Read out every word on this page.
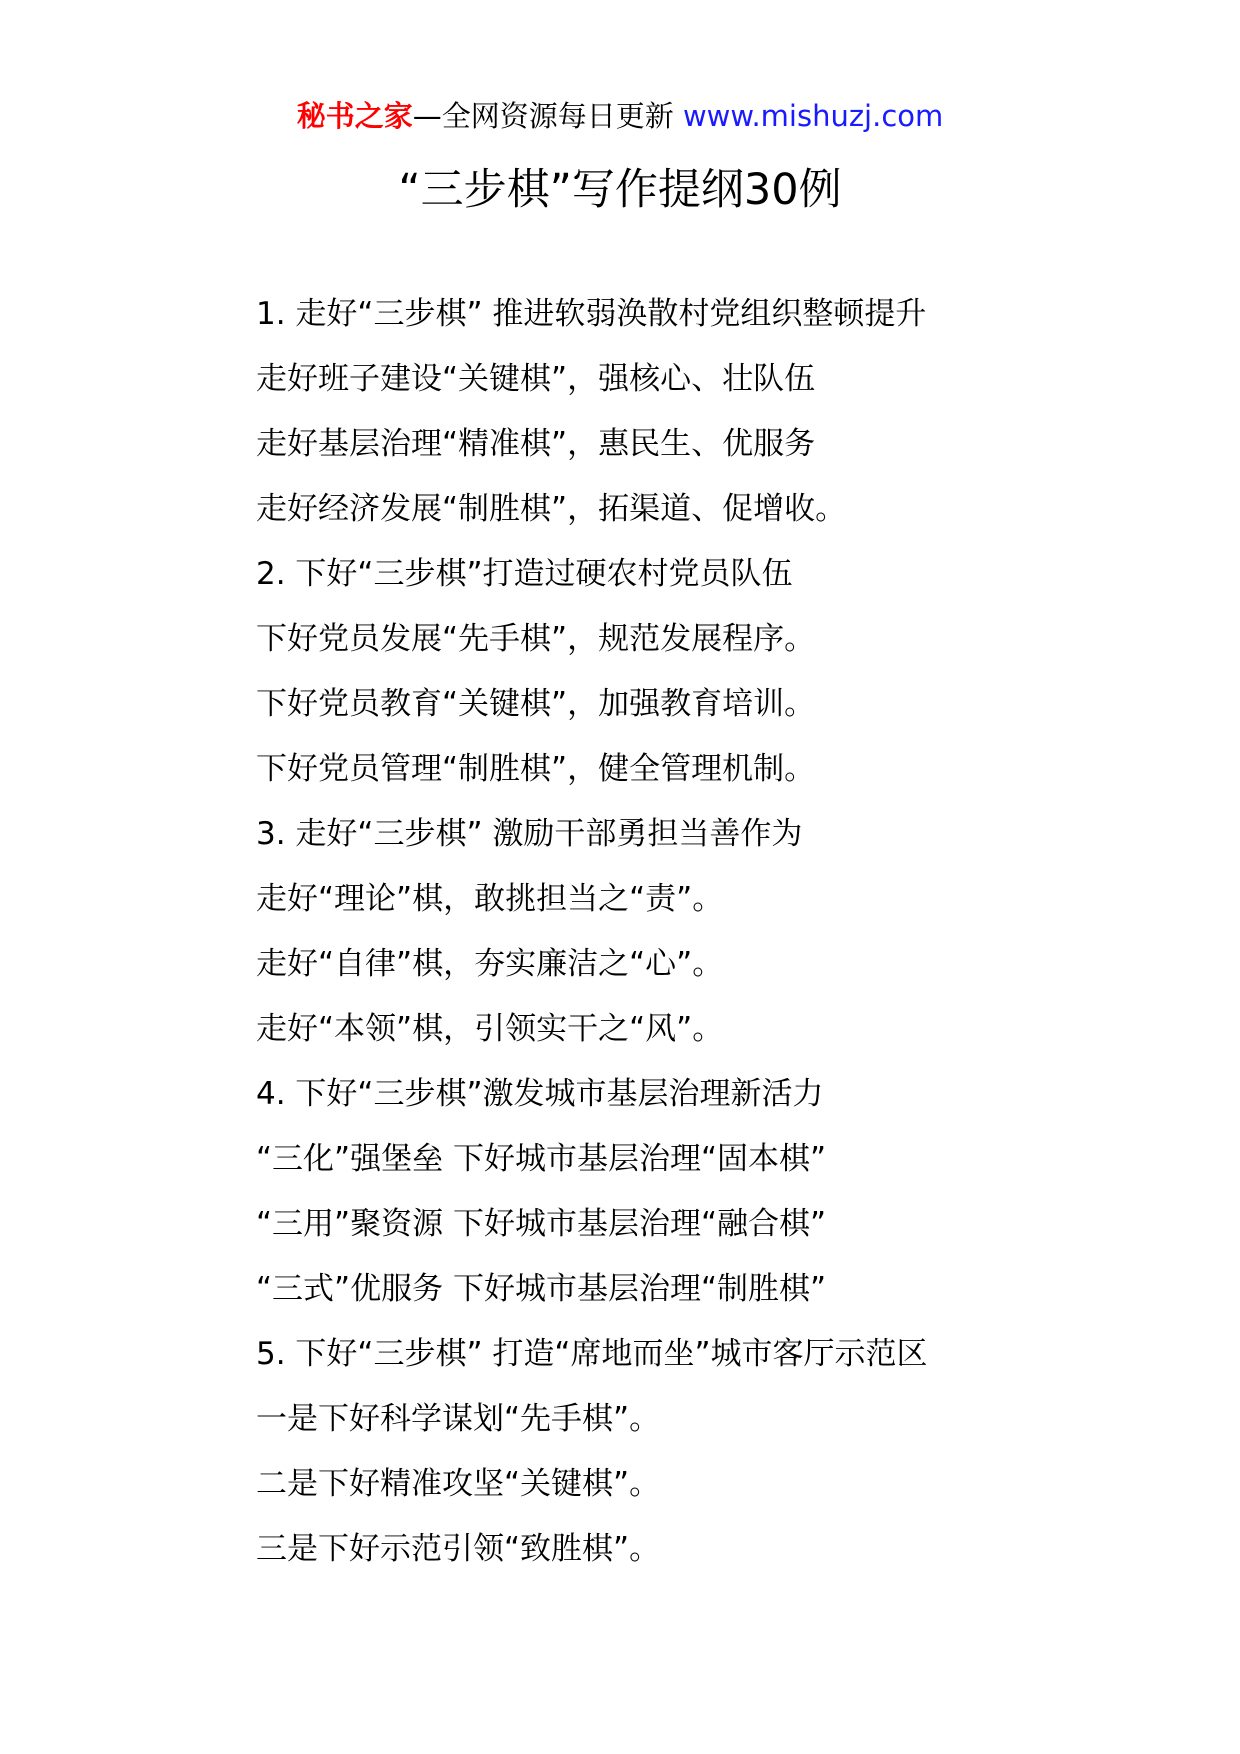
秘书之家—全网资源每日更新 www.mishuzj.com
“三步棋”写作提纲30例
1. 走好“三步棋” 推进软弱涣散村党组织整顿提升
走好班子建设“关键棋”，强核心、壮队伍
走好基层治理“精准棋”，惠民生、优服务
走好经济发展“制胜棋”，拓渠道、促增收。
2. 下好“三步棋”打造过硬农村党员队伍
下好党员发展“先手棋”，规范发展程序。
下好党员教育“关键棋”，加强教育培训。
下好党员管理“制胜棋”，健全管理机制。
3. 走好“三步棋” 激励干部勇担当善作为
走好“理论”棋，敢挑担当之“责”。
走好“自律”棋，夯实廉洁之“心”。
走好“本领”棋，引领实干之“风”。
4. 下好“三步棋”激发城市基层治理新活力
“三化”强堡垒 下好城市基层治理“固本棋”
“三用”聚资源 下好城市基层治理“融合棋”
“三式”优服务 下好城市基层治理“制胜棋”
5. 下好“三步棋” 打造“席地而坐”城市客厅示范区
一是下好科学谋划“先手棋”。
二是下好精准攻坚“关键棋”。
三是下好示范引领“致胜棋”。
